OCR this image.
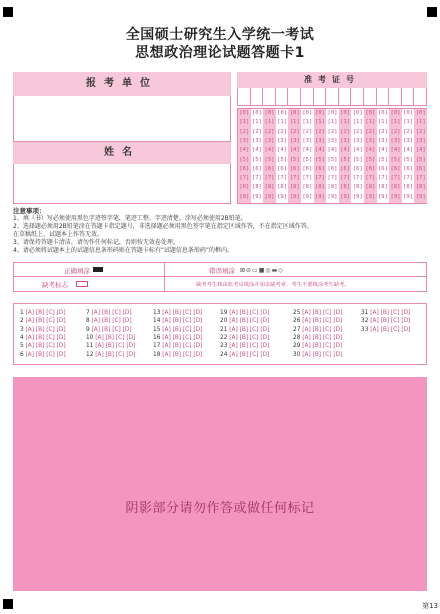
全国硕士研究生入学统一考试
思想政治理论试题答题卡1
报考单位
姓名
准考证号
[0]
[1]
[2]
[3]
[4]
[5]
[6]
[7]
[8]
[9]
[0]
[1]
[2]
[3]
[4]
[5]
[6]
[7]
[8]
[9]
[0]
[1]
[2]
[3]
[4]
[5]
[6]
[7]
[8]
[9]
[0]
[1]
[2]
[3]
[4]
[5]
[6]
[7]
[8]
[9]
[0]
[1]
[2]
[3]
[4]
[5]
[6]
[7]
[8]
[9]
[0]
[1]
[2]
[3]
[4]
[5]
[6]
[7]
[8]
[9]
[0]
[1]
[2]
[3]
[4]
[5]
[6]
[7]
[8]
[9]
[0]
[1]
[2]
[3]
[4]
[5]
[6]
[7]
[8]
[9]
[0]
[1]
[2]
[3]
[4]
[5]
[6]
[7]
[8]
[9]
[0]
[1]
[2]
[3]
[4]
[5]
[6]
[7]
[8]
[9]
[0]
[1]
[2]
[3]
[4]
[5]
[6]
[7]
[8]
[9]
[0]
[1]
[2]
[3]
[4]
[5]
[6]
[7]
[8]
[9]
[0]
[1]
[2]
[3]
[4]
[5]
[6]
[7]
[8]
[9]
[0]
[1]
[2]
[3]
[4]
[5]
[6]
[7]
[8]
[9]
[0]
[1]
[2]
[3]
[4]
[5]
[6]
[7]
[8]
[9]
注意事项：
1、填（书）写必须使用黑色字迹签字笔，笔迹工整、字迹清楚。涂写必须使用2B铅笔。
2、选择题必须用2B铅笔涂在答题卡指定题号，非选择题必须用黑色签字笔在指定区域作答，不在指定区域作答、
在草稿纸上、试题本上作答无效。
3、请保持答题卡清洁，请勿作任何标记，否则按无效卷处理。
4、请必须将试题本上的试题信息条形码贴在答题卡标有“试题信息条形码”的框内。
正确填涂	错误填涂 ⊠⊘▭■◎▬◇
缺考标志	缺考考生和由监考员填涂并加盖缺考章，考生不要填涂考生缺考。
1 [A] [B] [C] [D]
2 [A] [B] [C] [D]
3 [A] [B] [C] [D]
4 [A] [B] [C] [D]
5 [A] [B] [C] [D]
6 [A] [B] [C] [D]
7 [A] [B] [C] [D]
8 [A] [B] [C] [D]
9 [A] [B] [C] [D]
10 [A] [B] [C] [D]
11 [A] [B] [C] [D]
12 [A] [B] [C] [D]
13 [A] [B] [C] [D]
14 [A] [B] [C] [D]
15 [A] [B] [C] [D]
16 [A] [B] [C] [D]
17 [A] [B] [C] [D]
18 [A] [B] [C] [D]
19 [A] [B] [C] [D]
20 [A] [B] [C] [D]
21 [A] [B] [C] [D]
22 [A] [B] [C] [D]
23 [A] [B] [C] [D]
24 [A] [B] [C] [D]
25 [A] [B] [C] [D]
26 [A] [B] [C] [D]
27 [A] [B] [C] [D]
28 [A] [B] [C] [D]
29 [A] [B] [C] [D]
30 [A] [B] [C] [D]
31 [A] [B] [C] [D]
32 [A] [B] [C] [D]
33 [A] [B] [C] [D]
阴影部分请勿作答或做任何标记
第13
